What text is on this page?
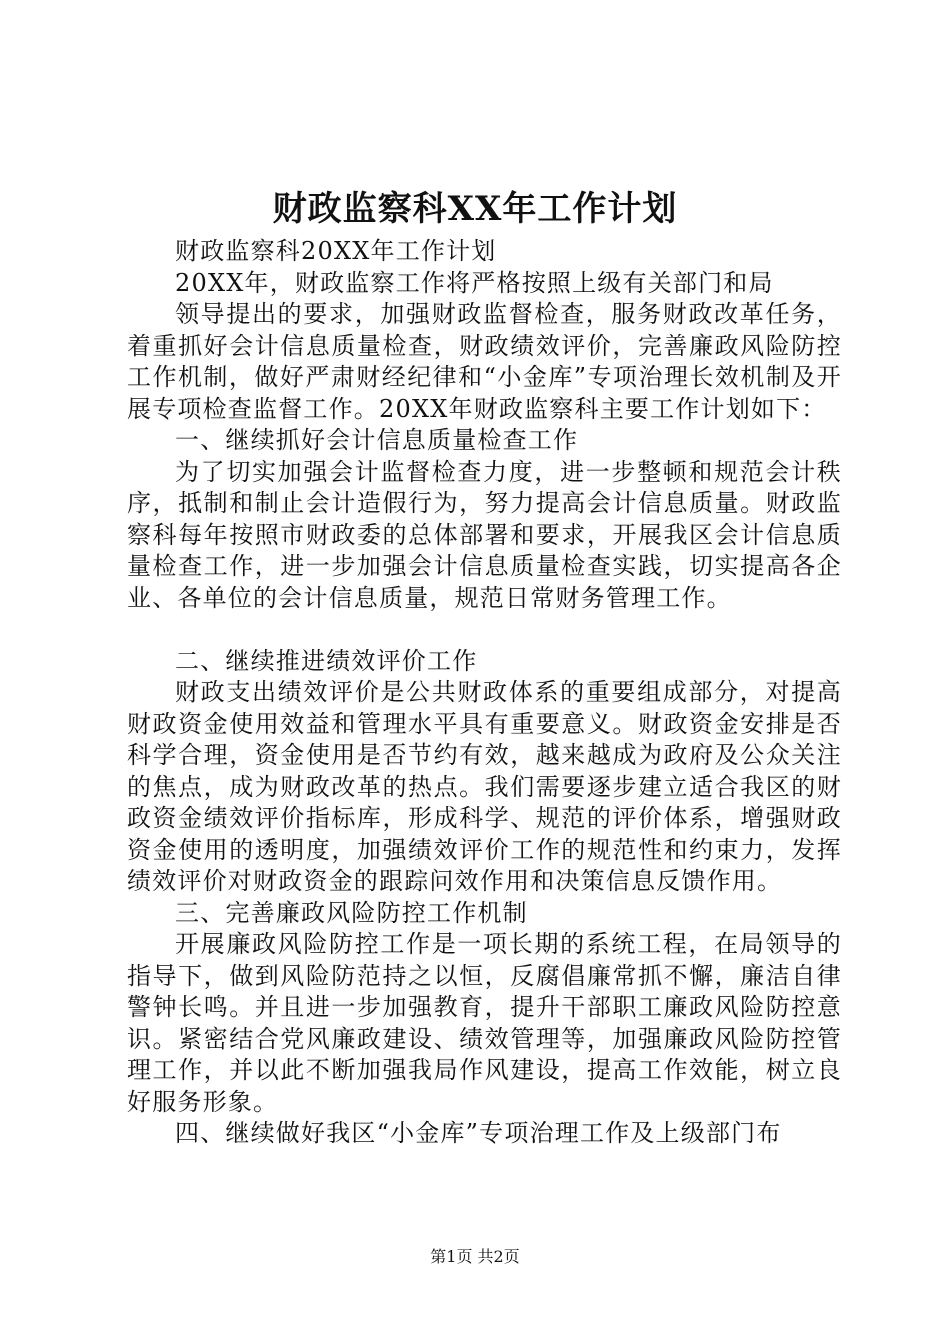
财政监察科XX年工作计划

财政监察科20XX年工作计划

20XX年，财政监察工作将严格按照上级有关部门和局

领导提出的要求，加强财政监督检查，服务财政改革任务，着重抓好会计信息质量检查，财政绩效评价，完善廉政风险防控工作机制，做好严肃财经纪律和“小金库”专项治理长效机制及开展专项检查监督工作。20XX年财政监察科主要工作计划如下：

一、继续抓好会计信息质量检查工作

为了切实加强会计监督检查力度，进一步整顿和规范会计秩序，抵制和制止会计造假行为，努力提高会计信息质量。财政监察科每年按照市财政委的总体部署和要求，开展我区会计信息质量检查工作，进一步加强会计信息质量检查实践，切实提高各企业、各单位的会计信息质量，规范日常财务管理工作。

二、继续推进绩效评价工作

财政支出绩效评价是公共财政体系的重要组成部分，对提高财政资金使用效益和管理水平具有重要意义。财政资金安排是否科学合理，资金使用是否节约有效，越来越成为政府及公众关注的焦点，成为财政改革的热点。我们需要逐步建立适合我区的财政资金绩效评价指标库，形成科学、规范的评价体系，增强财政资金使用的透明度，加强绩效评价工作的规范性和约束力，发挥绩效评价对财政资金的跟踪问效作用和决策信息反馈作用。

三、完善廉政风险防控工作机制

开展廉政风险防控工作是一项长期的系统工程，在局领导的指导下，做到风险防范持之以恒，反腐倡廉常抓不懈，廉洁自律警钟长鸣。并且进一步加强教育，提升干部职工廉政风险防控意识。紧密结合党风廉政建设、绩效管理等，加强廉政风险防控管理工作，并以此不断加强我局作风建设，提高工作效能，树立良好服务形象。

四、继续做好我区“小金库”专项治理工作及上级部门布

第1页 共2页
